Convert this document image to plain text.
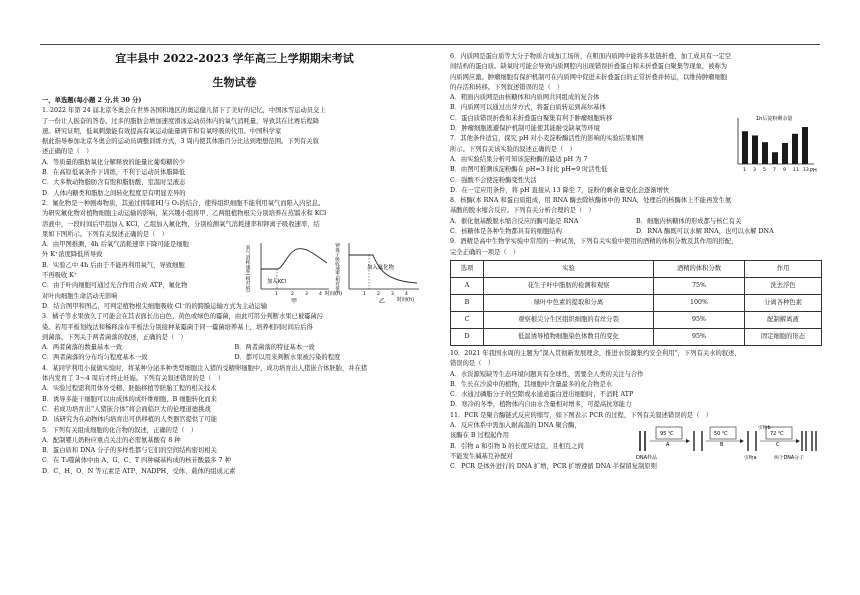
宜丰县中 2022-2023 学年高三上学期期末考试

生物试卷

一、单选题(每小题 2 分,共 30 分)

1. 2022 年第 24 届北京冬奥会在世界各国和地区的奥运健儿留下了美好的记忆，中国冰雪运动员交上

了一份让人振奋的答卷。过多的脂肪会增加速度滑冰运动员体内的氧气消耗量，导致其在比赛后程降

速。研究证明，低氧刺激能有效提高有氧运动能量调节和有氧呼吸的代用。中国科学家

据此指导参加北京冬奥会的运动员调整训练方式，3 周内使其体脂百分比达到理想范围。下列有关叙

述正确的是（　）

A．等质量的脂肪氧化分解释放的能量比葡萄糖的少

B．在高原低氧条件下训练，不利于运动员体脂降低

C．大多数动物脂肪含有饱和脂肪酸，室温时呈液态

D．人体内糖类和脂肪之间转化程度是有明显差异的

2．氟化物是一种剧毒物质，其通过抑制[H]与 O₂的结合，使得组织细胞不能利用氧气而陷入内窒息。

为研究氟化物对植物细胞主动运输的影响，某兴趣小组将甲、乙两组植物根尖分别培养在蒸馏水和 KCl

溶液中，一段时间后甲组加入 KCl，乙组加入氟化物，分别检测氧气消耗速率和钾离子吸收速率，结

果如下图所示。下列有关叙述正确的是（　）

A．由甲图推测，4h 后氧气消耗速率下降可能是细胞

外 K⁺浓度降低所导致

B．实验乙中 4h 后由于不能再利用氧气，导致细胞

不再吸收 K⁺

C．由于叶肉细胞可通过光合作用合成 ATP，氟化物

对叶肉细胞生命活动无影响

D．结合图甲和图乙，可判定植物根尖细胞吸收 Cl⁻的的跨膜运输方式为主动运输

氧气消耗速率(相对值)	加入KCl
1	2 3 4 时间(h)
甲
钾离子吸收速率(相对值)	加入氟化物
1 2 3 4
时间(h)
乙

3．橘子等水果放久了可能会在其表面长出白色、黄色或绿色的霉菌，由此可用分判断水果已被霉菌污

染。若用平板划线法和稀释涂布平板法分别接种某霉菌于同一霉菌培养基上，培养相同时间后后得

到菌落。下列关于两者菌落的叙述，正确的是（　）

A．两者菌落的数量基本一致	B．两者菌落的特征基本一致
C．两者菌落的分布均匀程度基本一致	D．都可以用来判断水果被污染的程度

4．某同学利用小鼠做实验时，将某种分泌多种类型细胞注入猪的受精卵细胞中，成功培育出人猪嵌合体胚胎，并在猪

体内发育了 3～4 周后才终止妊娠。下列有关叙述错误的是（　）

A．实验过程需利用体外受精、胚胎移植等胚胎工程的相关技术

B．诱导多能干细胞可以由成体的成纤维细胞、B 细胞转化而来

C．若成功培育出“人猪嵌合体”将会面临巨大的伦理道德挑战

D．该研究为在动物体内培育出可供移植的人类器官提供了可能

5．下列有关组成细胞的化合物的叙述，正确的是（　）

A．配制婴儿奶粉应重点关注的必需氨基酸有 8 种

B．蛋白质和 DNA 分子的多样性都与它们的空间结构密切相关

C．在 T₂噬菌体中由 A、G、C、T 四种碱基构成的核苷酸最多 7 种

D．C、H、O、N 等元素是 ATP、NADPH、受体、载体的组成元素

6．内质网是蛋白质等大分子物质合成加工场所，在粗面内质网中能将多肽链折叠、加工成具有一定空

间结构的蛋白质。缺氧时可能会导致内质网腔内出现错误折叠蛋白和未折叠蛋白聚集等现象，被称为

内质网应激。肿瘤细胞有保护机制可在内质网中促进未折叠蛋白的正常折叠并转运，以维持肿瘤细胞

的存活和转移。下列叙述错误的是（　）

A．粗面内质网是由核糖体和内质网共同组成的复合体

B．内质网可以通过出芽方式，将蛋白质转运到高尔基体

C．蛋白质错误折叠和未折叠蛋白聚集有利于肿瘤细胞转移

D．肿瘤细胞逃避保护机制可能使其能耐受缺氧等环境

7．其他条件适宜，探究 pH 对小麦淀粉酶活性的影响的实验结果如图

所示。下列有关该实验的叙述正确的是（　）

A．由实验结果分析可知该淀粉酶的最适 pH 为 7

B．由图可推测该淀粉酶在 pH=3 时比 pH=9 时活性低

C．强酸不会使淀粉酶变性失活

D．在一定应用条件，将 pH 直接从 13 降至 7，淀粉的剩余量变化会逐渐增快

1h后淀粉剩余量
PH
1 3 5 7 9 11 13

8．核酶(本 RNA 和蛋白质组成，用 RNA 酶去除核酶体中的 RNA，处理后的核酶体上不能再发生氨

基酸的脱水缩合反应。下列有关分析合理的是（　）

A．催化氨基酸脱水缩合反应的酶可能是 RNA	B．细胞内核糖体的形成都与核仁有关
C．核糖体是各种生物都具有的细胞结构	D．RNA 酶既可以水解 RNA，也可以水解 DNA

9．酒精是高中生物学实验中常用的一种试剂，下列有关实验中使用的酒精的体积分数及其作用的搭配，

完全正确的一项是（　）

选项	实验	酒精的体积分数	作用
A	花生子叶中脂肪的检测和观察	75%	洗去浮色
B	绿叶中色素的提取和分离	100%	分离各种色素
C	观察根尖分生区组织细胞的有丝分裂	95%	配制解离液
D	低温诱导植物细胞染色体数目的变化	95%	固定细胞的形态

10．2021 年我国水周的主题为“深入贯彻新发展理念，推进水资源集约安全利用”，下列有关水的叙述，

错误的是（　）

A．水资源短缺等生态环境问题具有全球性，需要全人类的关注与合作

B．生长在沙漠中的植物，其细胞中含量最多的化合物是水

C．水通过磷脂分子的空隙或水通道蛋白进出细胞时，不消耗 ATP

D．寒冷的冬季，植物体内自由水含量相对增多，可提高抗寒能力

11．PCR 是聚合酶链式反应的缩写，如下图表示 PCR 的过程，下列有关叙述错误的是（　）

A．反应体系中需加入耐高温的 DNA 聚合酶，

该酶在 B 过程起作用

B．引物 a 和引物 b 的长度应适宜，且相互之间

不能发生碱基互补配对

C．PCR 是体外进行的 DNA 扩增，PCR 扩增遵循 DNA 半保留复制原则

DNA样品
95 ℃
A
50 ℃
B
引物a
引物b
72 ℃
C
两个DNA分子
